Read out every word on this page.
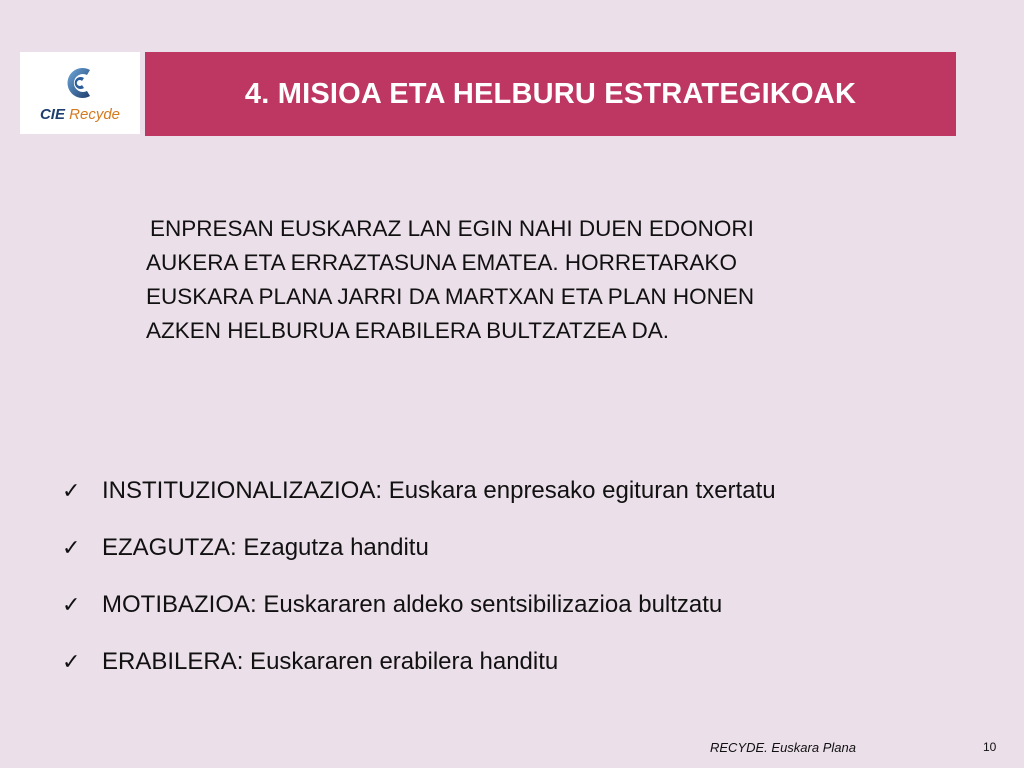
CIE Recyde
4. MISIOA ETA HELBURU ESTRATEGIKOAK
ENPRESAN EUSKARAZ LAN EGIN NAHI DUEN EDONORI
AUKERA ETA ERRAZTASUNA EMATEA. HORRETARAKO
EUSKARA PLANA JARRI DA MARTXAN ETA PLAN HONEN
AZKEN HELBURUA ERABILERA BULTZATZEA DA.
✓ INSTITUZIONALIZAZIOA: Euskara enpresako egituran txertatu
✓ EZAGUTZA: Ezagutza handitu
✓ MOTIBAZIOA: Euskararen aldeko sentsibilizazioa bultzatu
✓ ERABILERA: Euskararen erabilera handitu
RECYDE. Euskara Plana	10
